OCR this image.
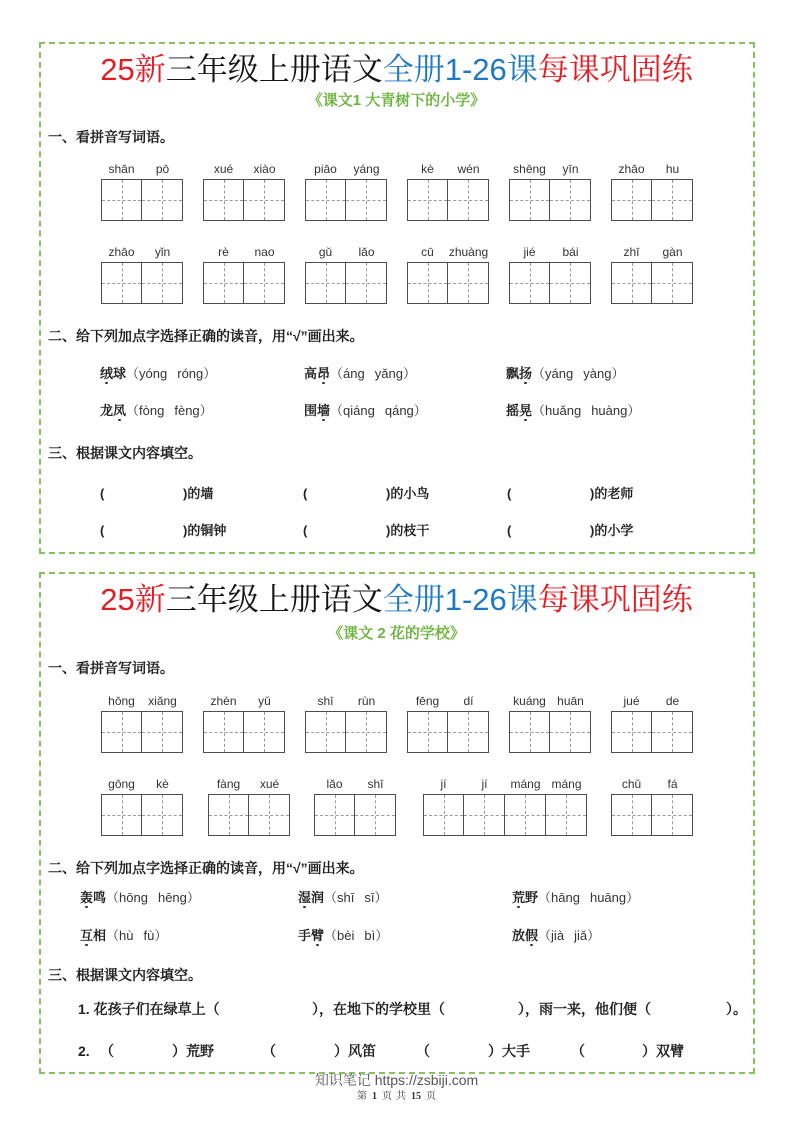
25新三年级上册语文全册1-26课每课巩固练
《课文1 大青树下的小学》
一、看拼音写词语。
shān	pō	xué	xiào	piāo	yáng	kè	wén	shēng	yīn	zhāo	hu
zhāo	yǐn	rè	nao	gǔ	lǎo	cū	zhuàng	jié	bái	zhī	gàn
二、给下列加点字选择正确的读音，用“√”画出来。
绒球（yóng róng）	高昂（áng yǎng）	飘扬（yáng yàng）
龙凤（fòng fèng）	围墙（qiáng qáng）	摇晃（huǎng huàng）
三、根据课文内容填空。
(	)的墙	(	)的小鸟	(	)的老师
(	)的铜钟	(	)的枝干	(	)的小学
25新三年级上册语文全册1-26课每课巩固练
《课文 2 花的学校》
一、看拼音写词语。
hōng	xiǎng	zhèn	yǔ	shī	rùn	fēng	dí	kuáng huān	jué	de
gōng	kè	fàng	xué	lǎo	shī	jí	jí	máng máng	chǔ	fá
二、给下列加点字选择正确的读音，用“√”画出来。
轰鸣（hōng hēng）	湿润（shī sī）	荒野（hāng huāng）
互相（hù fù）	手臂（bèi bì）	放假（jià jiǎ）
三、根据课文内容填空。
1. 花孩子们在绿草上（	），在地下的学校里（	），雨一来，他们便（	）。
2. （	）荒野	（	）风笛	（	）大手	（	）双臂
知识笔记 https://zsbiji.com
第 1 页 共 15 页
